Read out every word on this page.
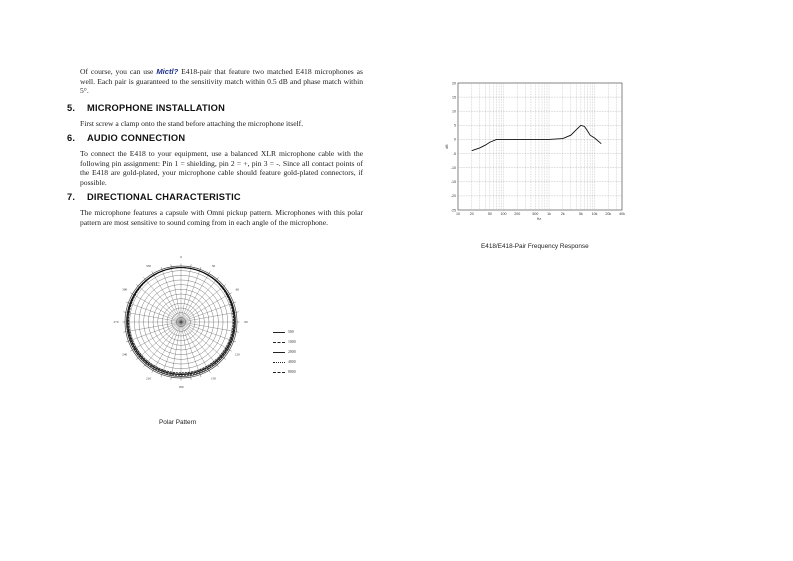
Of course, you can use Mictl? E418-pair that feature two matched E418 microphones as well. Each pair is guaranteed to the sensitivity match within 0.5 dB and phase match within 5°.
5. MICROPHONE INSTALLATION
First screw a clamp onto the stand before attaching the microphone itself.
6. AUDIO CONNECTION
To connect the E418 to your equipment, use a balanced XLR microphone cable with the following pin assignment: Pin 1 = shielding, pin 2 = +, pin 3 = -. Since all contact points of the E418 are gold-plated, your microphone cable should feature gold-plated connectors, if possible.
7. DIRECTIONAL CHARACTERISTIC
The microphone features a capsule with Omni pickup pattern. Microphones with this polar pattern are most sensitive to sound coming from in each angle of the microphone.
20
15
10
5
0
-5
-10
-15
-20
-25
10	20	50 100 200	500 1k	2k	5k 10k 20k 40k
Hz
dB
E418/E418-Pair Frequency Response
0
30
60
90
120
150
180
210
240
270
300
330
500
1000
2000
4000
8000
Polar Pattern
